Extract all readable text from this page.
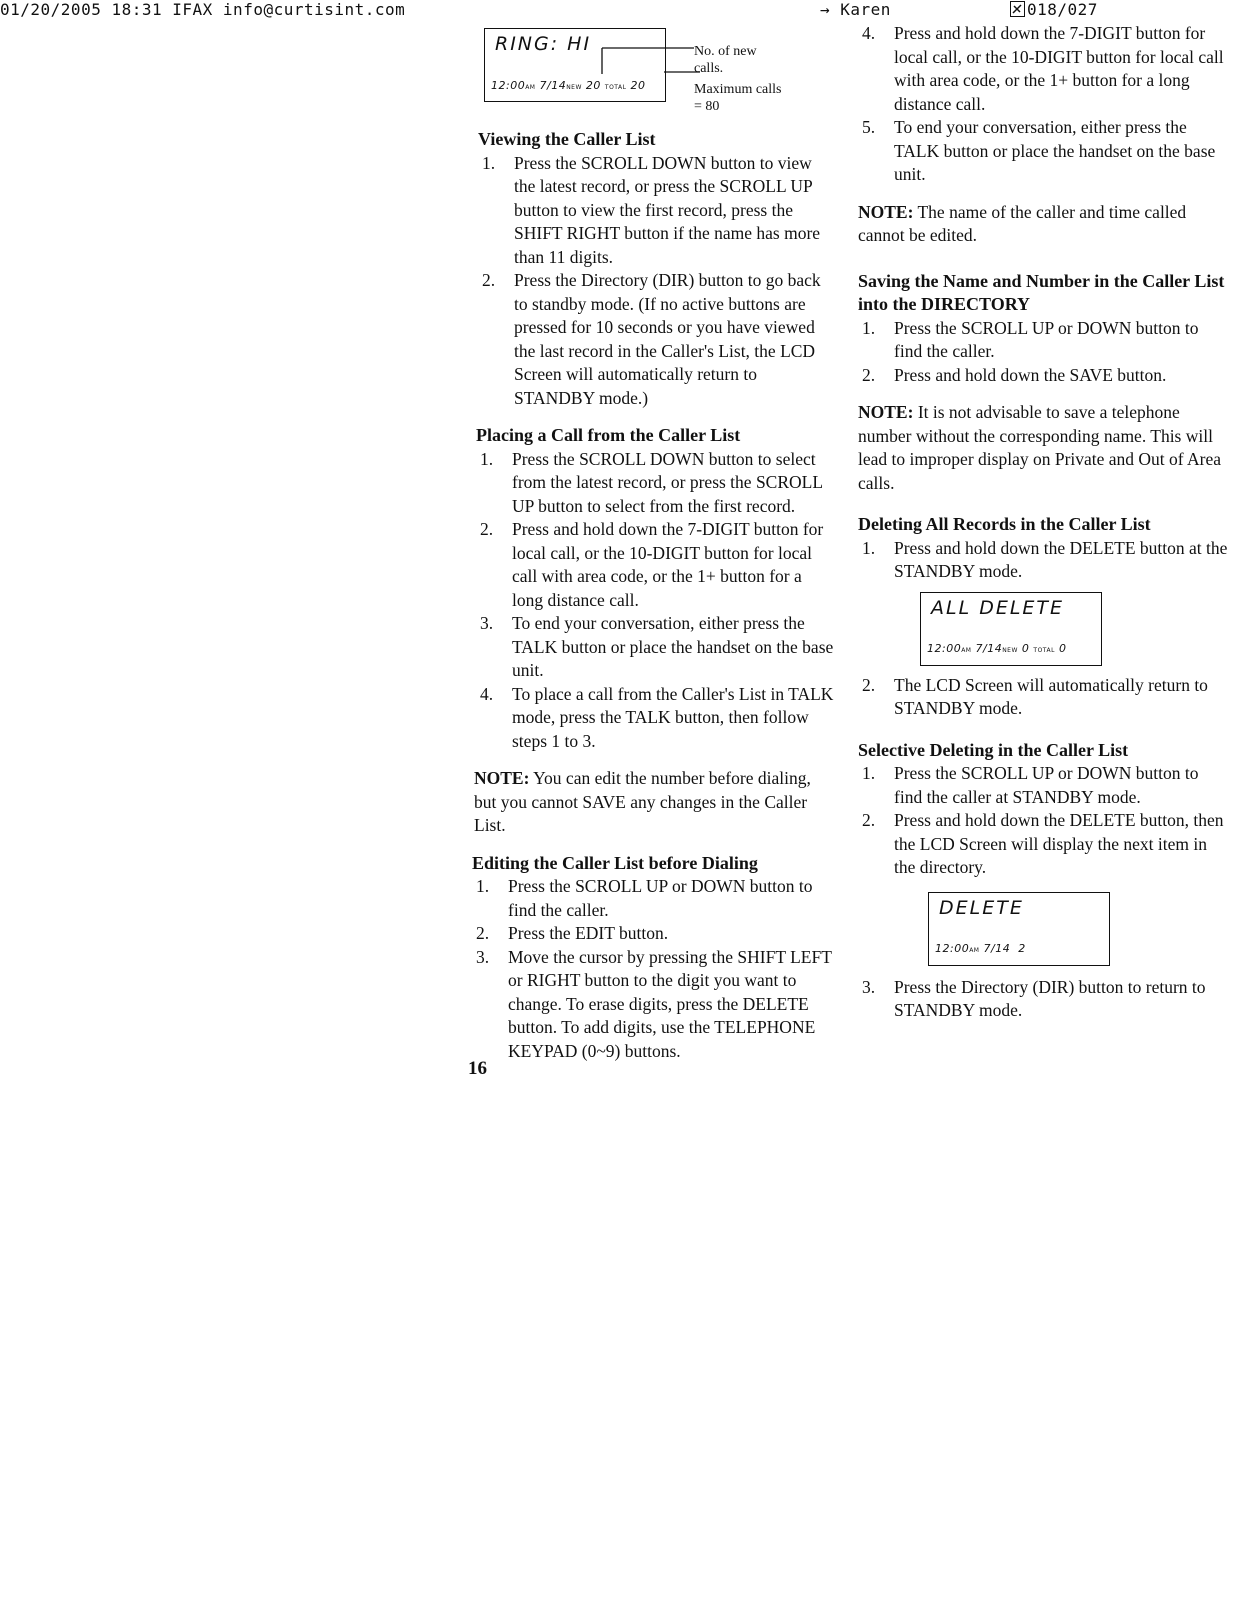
01/20/2005 18:31 IFAX info@curtisint.com	→ Karen	018/027
RING: HI
12:00AM 7/14NEW 20 TOTAL 20
No. of new calls.
Maximum calls = 80

Viewing the Caller List

1. Press the SCROLL DOWN button to view the latest record, or press the SCROLL UP button to view the first record, press the SHIFT RIGHT button if the name has more than 11 digits.
2. Press the Directory (DIR) button to go back to standby mode. (If no active buttons are pressed for 10 seconds or you have viewed the last record in the Caller's List, the LCD Screen will automatically return to STANDBY mode.)

Placing a Call from the Caller List

1. Press the SCROLL DOWN button to select from the latest record, or press the SCROLL UP button to select from the first record.
2. Press and hold down the 7-DIGIT button for local call, or the 10-DIGIT button for local call with area code, or the 1+ button for a long distance call.
3. To end your conversation, either press the TALK button or place the handset on the base unit.
4. To place a call from the Caller's List in TALK mode, press the TALK button, then follow steps 1 to 3.

NOTE: You can edit the number before dialing, but you cannot SAVE any changes in the Caller List.

Editing the Caller List before Dialing

1. Press the SCROLL UP or DOWN button to find the caller.
2. Press the EDIT button.
3. Move the cursor by pressing the SHIFT LEFT or RIGHT button to the digit you want to change. To erase digits, press the DELETE button. To add digits, use the TELEPHONE KEYPAD (0~9) buttons.
16
4. Press and hold down the 7-DIGIT button for local call, or the 10-DIGIT button for local call with area code, or the 1+ button for a long distance call.
5. To end your conversation, either press the TALK button or place the handset on the base unit.

NOTE: The name of the caller and time called cannot be edited.

Saving the Name and Number in the Caller List into the DIRECTORY

1. Press the SCROLL UP or DOWN button to find the caller.
2. Press and hold down the SAVE button.

NOTE: It is not advisable to save a telephone number without the corresponding name. This will lead to improper display on Private and Out of Area calls.

Deleting All Records in the Caller List

1. Press and hold down the DELETE button at the STANDBY mode.
ALL DELETE
12:00AM 7/14NEW 0 TOTAL 0
2. The LCD Screen will automatically return to STANDBY mode.

Selective Deleting in the Caller List

1. Press the SCROLL UP or DOWN button to find the caller at STANDBY mode.
2. Press and hold down the DELETE button, then the LCD Screen will display the next item in the directory.
DELETE
12:00AM 7/14 2
3. Press the Directory (DIR) button to return to STANDBY mode.
